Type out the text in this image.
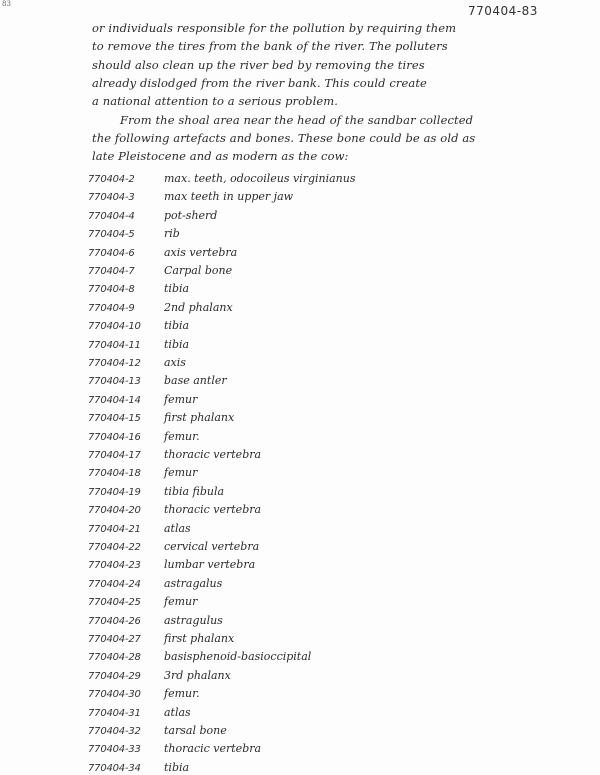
83	770404-83
or individuals responsible for the pollution by requiring them
to remove the tires from the bank of the river. The polluters
should also clean up the river bed by removing the tires
already dislodged from the river bank. This could create
a national attention to a serious problem.
From the shoal area near the head of the sandbar collected
the following artefacts and bones. These bone could be as old as
late Pleistocene and as modern as the cow:
770404-2	max. teeth, odocoileus virginianus
770404-3	max teeth in upper jaw
770404-4	pot-sherd
770404-5	rib
770404-6	axis vertebra
770404-7	Carpal bone
770404-8	tibia
770404-9	2nd phalanx
770404-10 tibia
770404-11 tibia
770404-12 axis
770404-13 base antler
770404-14 femur
770404-15 first phalanx
770404-16 femur.
770404-17 thoracic vertebra
770404-18 femur
770404-19 tibia fibula
770404-20 thoracic vertebra
770404-21 atlas
770404-22 cervical vertebra
770404-23 lumbar vertebra
770404-24 astragalus
770404-25 femur
770404-26 astragulus
770404-27 first phalanx
770404-28 basisphenoid-basioccipital
770404-29 3rd phalanx
770404-30 femur.
770404-31 atlas
770404-32 tarsal bone
770404-33 thoracic vertebra
770404-34 tibia
